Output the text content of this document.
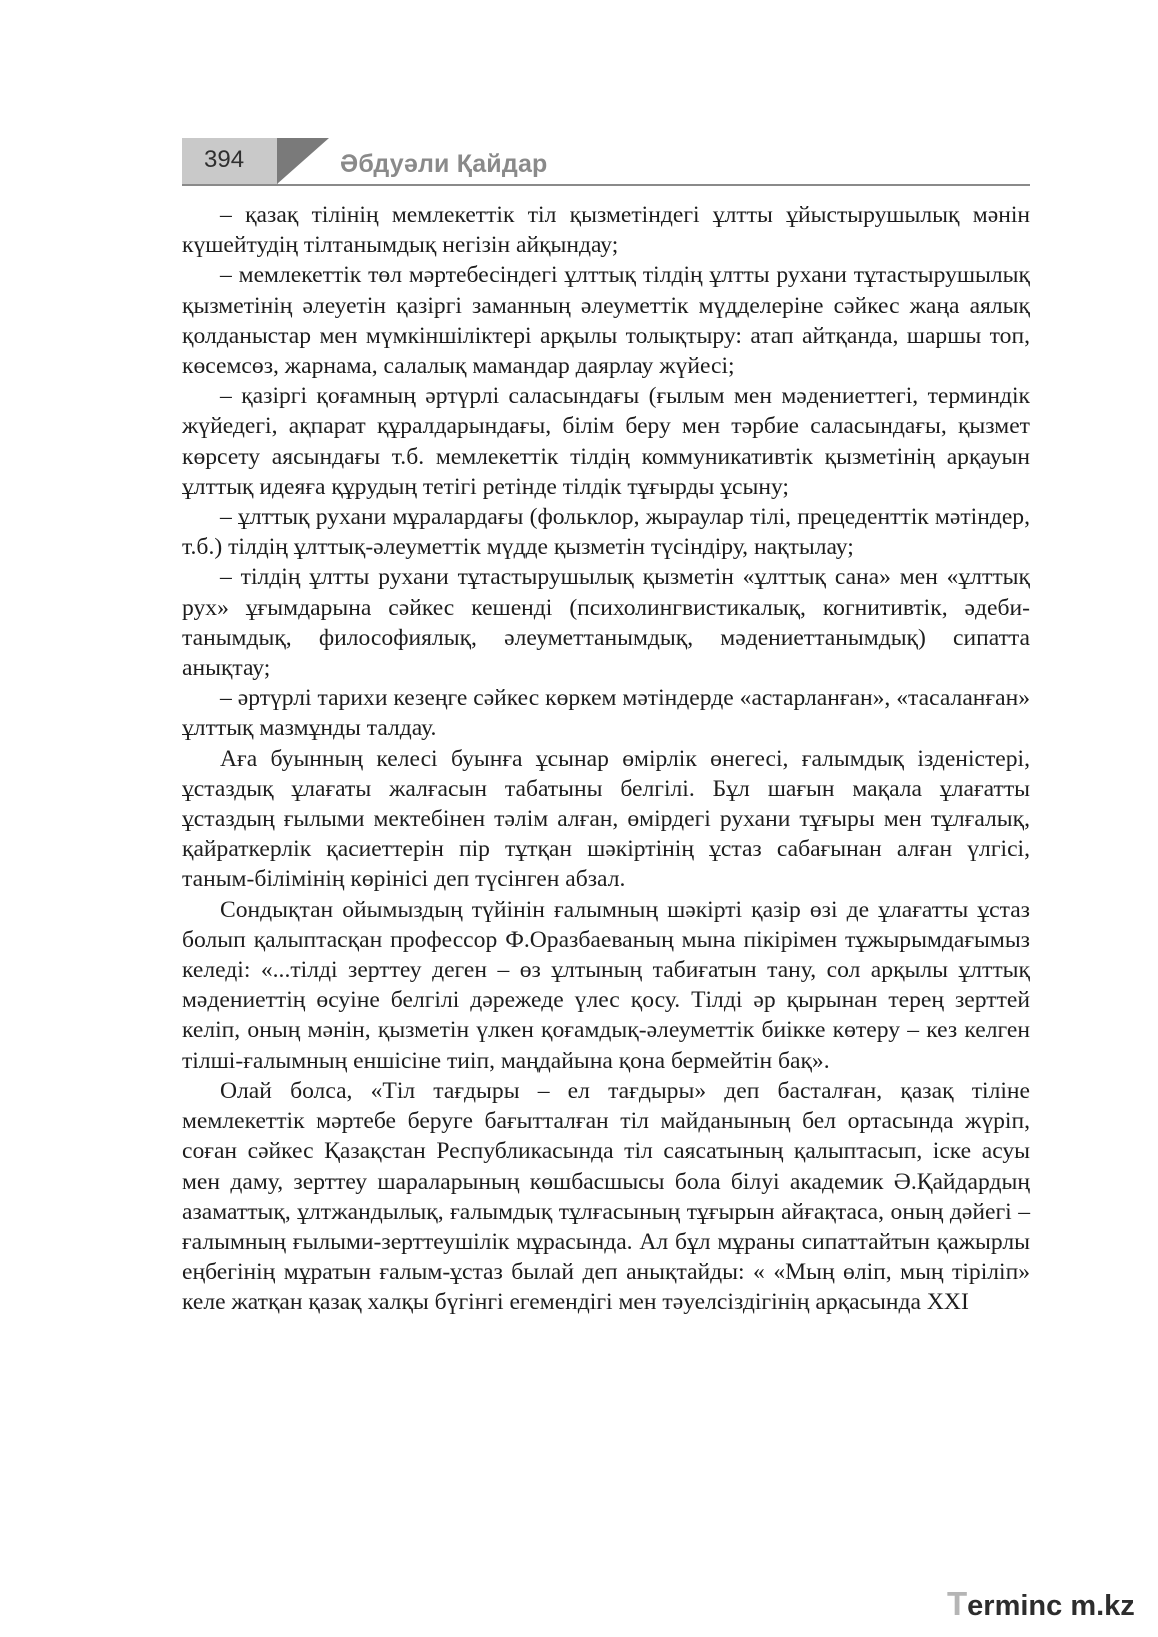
394	Әбдуәли Қайдар

– қазақ тілінің мемлекеттік тіл қызметіндегі ұлтты ұйыстырушылық мәнін күшейтудің тілтанымдық негізін айқындау;

– мемлекеттік төл мәртебесіндегі ұлттық тілдің ұлтты рухани тұтастырушылық қызметінің әлеуетін қазіргі заманның әлеуметтік мүдделеріне сәйкес жаңа аялық қолданыстар мен мүмкіншіліктері арқылы толықтыру: атап айтқанда, шаршы топ, көсемсөз, жарнама, салалық мамандар даярлау жүйесі;

– қазіргі қоғамның әртүрлі саласындағы (ғылым мен мәдениеттегі, терминдік жүйедегі, ақпарат құралдарындағы, білім беру мен тәрбие саласындағы, қызмет көрсету аясындағы т.б. мемлекеттік тілдің коммуникативтік қызметінің арқауын ұлттық идеяға құрудың тетігі ретінде тілдік тұғырды ұсыну;

– ұлттық рухани мұралардағы (фольклор, жыраулар тілі, прецеденттік мәтіндер, т.б.) тілдің ұлттық-әлеуметтік мүдде қызметін түсіндіру, нақтылау;

– тілдің ұлтты рухани тұтастырушылық қызметін «ұлттық сана» мен «ұлттық рух» ұғымдарына сәйкес кешенді (психолингвистикалық, когнитивтік, әдеби-танымдық, философиялық, әлеуметтанымдық, мәдениеттанымдық) сипатта анықтау;

– әртүрлі тарихи кезеңге сәйкес көркем мәтіндерде «астарланған», «тасаланған» ұлттық мазмұнды талдау.

Аға буынның келесі буынға ұсынар өмірлік өнегесі, ғалымдық ізденістері, ұстаздық ұлағаты жалғасын табатыны белгілі. Бұл шағын мақала ұлағатты ұстаздың ғылыми мектебінен тәлім алған, өмірдегі рухани тұғыры мен тұлғалық, қайраткерлік қасиеттерін пір тұтқан шәкіртінің ұстаз сабағынан алған үлгісі, таным-білімінің көрінісі деп түсінген абзал.

Сондықтан ойымыздың түйінін ғалымның шәкірті қазір өзі де ұлағатты ұстаз болып қалыптасқан профессор Ф.Оразбаеваның мына пікірімен тұжырымдағымыз келеді: «...тілді зерттеу деген – өз ұлтының табиғатын тану, сол арқылы ұлттық мәдениеттің өсуіне белгілі дәрежеде үлес қосу. Тілді әр қырынан терең зерттей келіп, оның мәнін, қызметін үлкен қоғамдық-әлеуметтік биікке көтеру – кез келген тілші-ғалымның еншісіне тиіп, маңдайына қона бермейтін бақ».

Олай болса, «Тіл тағдыры – ел тағдыры» деп басталған, қазақ тіліне мемлекеттік мәртебе беруге бағытталған тіл майданының бел ортасында жүріп, соған сәйкес Қазақстан Республикасында тіл саясатының қалыптасып, іске асуы мен даму, зерттеу шараларының көшбасшысы бола білуі академик Ә.Қайдардың азаматтық, ұлтжандылық, ғалымдық тұлғасының тұғырын айғақтаса, оның дәйегі – ғалымның ғылыми-зерттеушілік мұрасында. Ал бұл мұраны сипаттайтын қажырлы еңбегінің мұратын ғалым-ұстаз былай деп анықтайды: « «Мың өліп, мың тіріліп» келе жатқан қазақ халқы бүгінгі егемендігі мен тәуелсіздігінің арқасында ХХІ

Terminc m.kz
